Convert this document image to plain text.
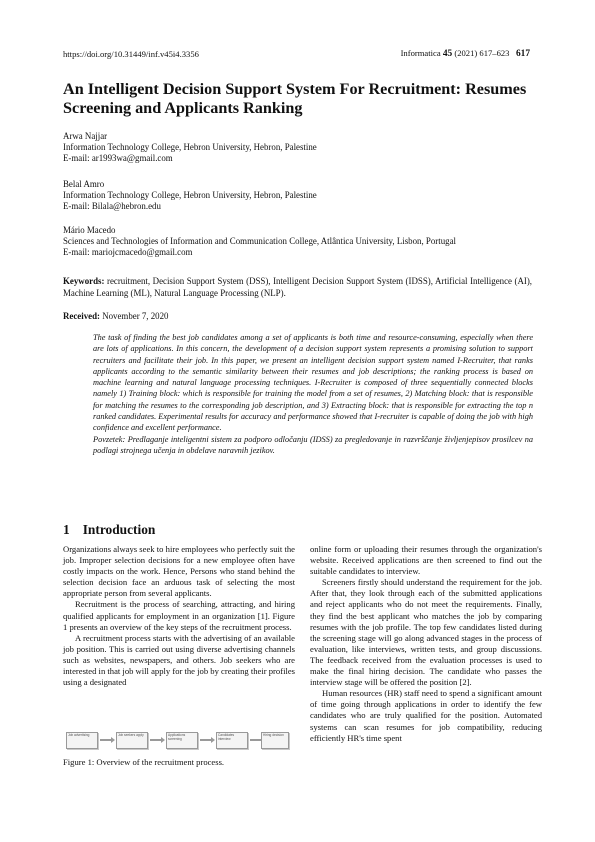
https://doi.org/10.31449/inf.v45i4.3356	Informatica 45 (2021) 617–623 617
An Intelligent Decision Support System For Recruitment: Resumes Screening and Applicants Ranking
Arwa Najjar
Information Technology College, Hebron University, Hebron, Palestine
E-mail: ar1993wa@gmail.com
Belal Amro
Information Technology College, Hebron University, Hebron, Palestine
E-mail: Bilala@hebron.edu
Mário Macedo
Sciences and Technologies of Information and Communication College, Atlântica University, Lisbon, Portugal
E-mail: mariojcmacedo@gmail.com
Keywords: recruitment, Decision Support System (DSS), Intelligent Decision Support System (IDSS), Artificial Intelligence (AI), Machine Learning (ML), Natural Language Processing (NLP).
Received: November 7, 2020

The task of finding the best job candidates among a set of applicants is both time and resource-consuming, especially when there are lots of applications. In this concern, the development of a decision support system represents a promising solution to support recruiters and facilitate their job. In this paper, we present an intelligent decision support system named I-Recruiter, that ranks applicants according to the semantic similarity between their resumes and job descriptions; the ranking process is based on machine learning and natural language processing techniques. I-Recruiter is composed of three sequentially connected blocks namely 1) Training block: which is responsible for training the model from a set of resumes, 2) Matching block: that is responsible for matching the resumes to the corresponding job description, and 3) Extracting block: that is responsible for extracting the top n ranked candidates. Experimental results for accuracy and performance showed that I-recruiter is capable of doing the job with high confidence and excellent performance.

Povzetek: Predlaganje inteligentni sistem za podporo odločanju (IDSS) za pregledovanje in razvrščanje življenjepisov prosilcev na podlagi strojnega učenja in obdelave naravnih jezikov.

1 Introduction

Organizations always seek to hire employees who perfectly suit the job. Improper selection decisions for a new employee often have costly impacts on the work. Hence, Persons who stand behind the selection decision face an arduous task of selecting the most appropriate person from several applicants.

Recruitment is the process of searching, attracting, and hiring qualified applicants for employment in an organization [1]. Figure 1 presents an overview of the key steps of the recruitment process.

A recruitment process starts with the advertising of an available job position. This is carried out using diverse advertising channels such as websites, newspapers, and others. Job seekers who are interested in that job will apply for the job by creating their profiles using a designated

Job advertising	Job seekers apply	Applications screening
Candidates interview
Hiring decision
Figure 1: Overview of the recruitment process.

online form or uploading their resumes through the organization's website. Received applications are then screened to find out the suitable candidates to interview.

Screeners firstly should understand the requirement for the job. After that, they look through each of the submitted applications and reject applicants who do not meet the requirements. Finally, they find the best applicant who matches the job by comparing resumes with the job profile. The top few candidates listed during the screening stage will go along advanced stages in the process of evaluation, like interviews, written tests, and group discussions. The feedback received from the evaluation processes is used to make the final hiring decision. The candidate who passes the interview stage will be offered the position [2].

Human resources (HR) staff need to spend a significant amount of time going through applications in order to identify the few candidates who are truly qualified for the position. Automated systems can scan resumes for job compatibility, reducing efficiently HR's time spent
